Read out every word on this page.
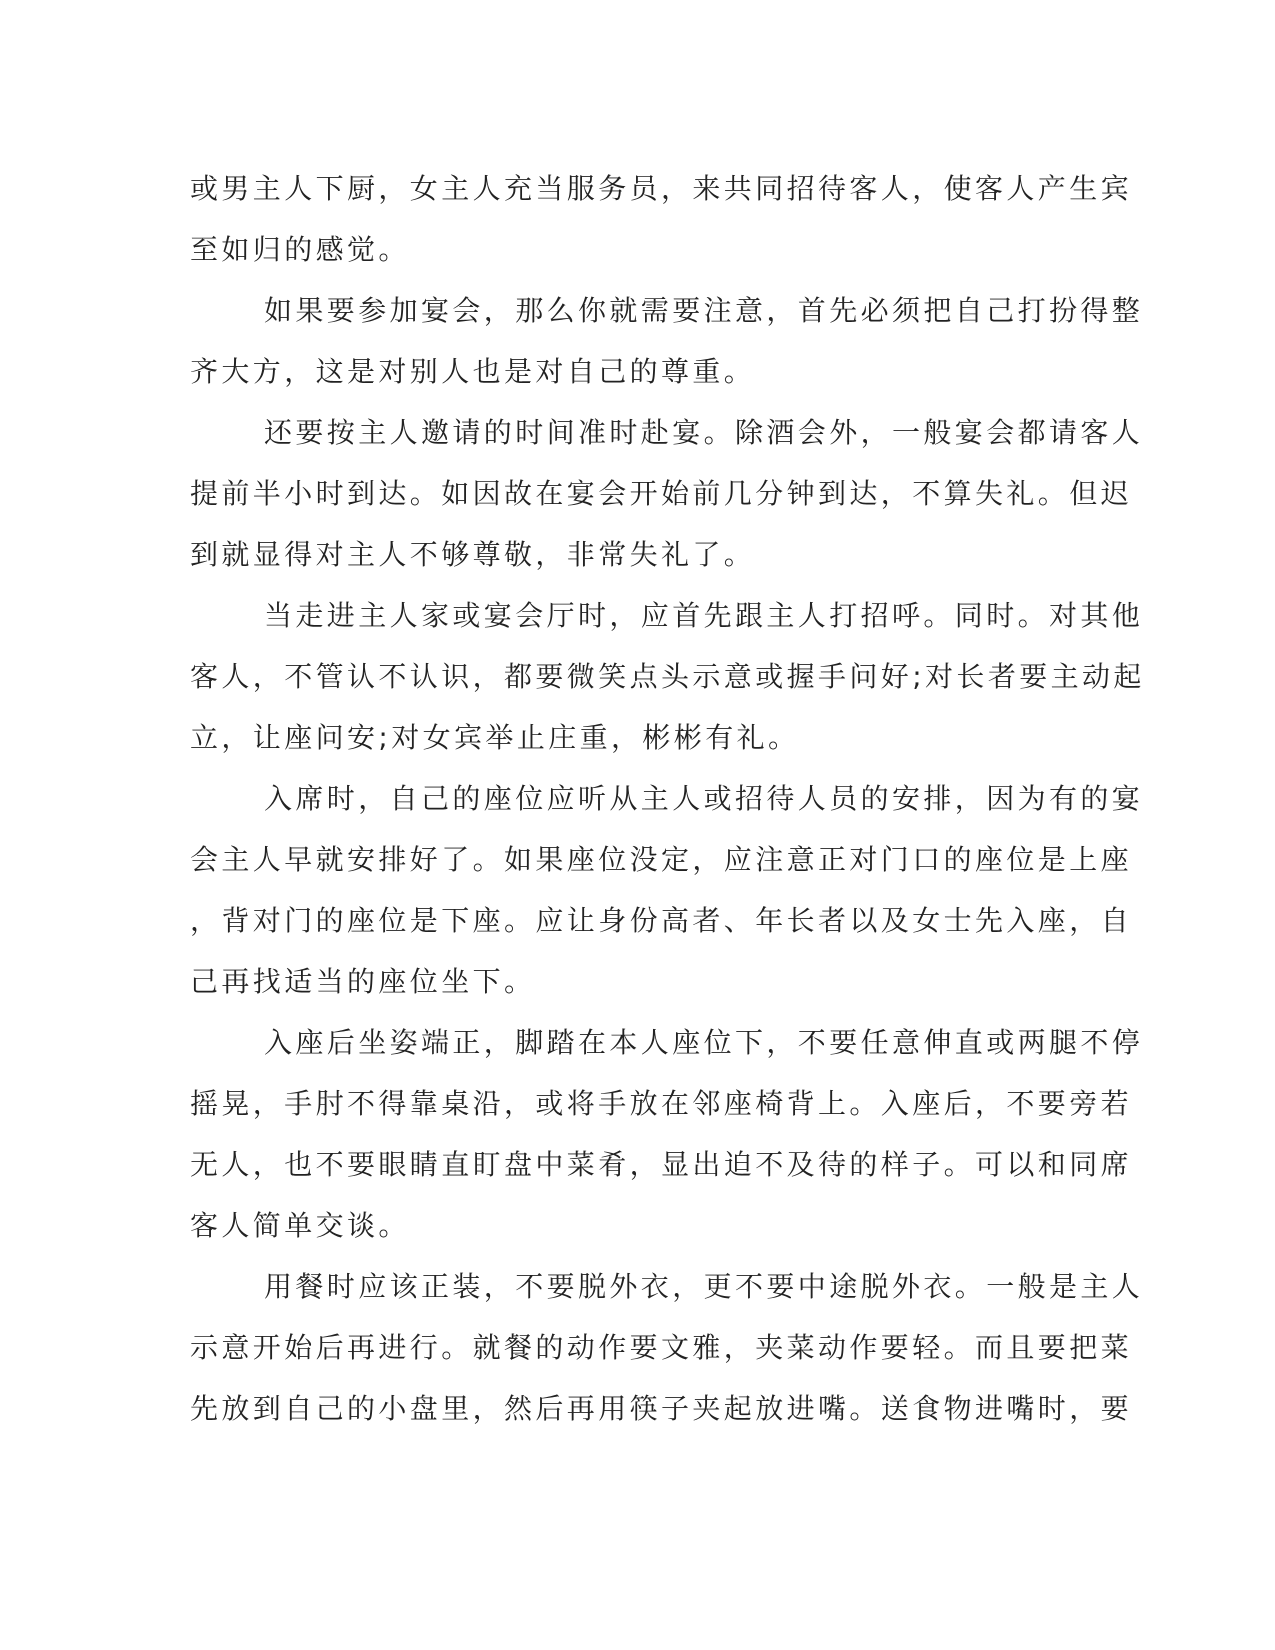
或男主人下厨，女主人充当服务员，来共同招待客人，使客人产生宾
至如归的感觉。

如果要参加宴会，那么你就需要注意，首先必须把自己打扮得整
齐大方，这是对别人也是对自己的尊重。

还要按主人邀请的时间准时赴宴。除酒会外，一般宴会都请客人
提前半小时到达。如因故在宴会开始前几分钟到达，不算失礼。但迟
到就显得对主人不够尊敬，非常失礼了。

当走进主人家或宴会厅时，应首先跟主人打招呼。同时。对其他
客人，不管认不认识，都要微笑点头示意或握手问好;对长者要主动起
立，让座问安;对女宾举止庄重，彬彬有礼。

入席时，自己的座位应听从主人或招待人员的安排，因为有的宴
会主人早就安排好了。如果座位没定，应注意正对门口的座位是上座
，背对门的座位是下座。应让身份高者、年长者以及女士先入座，自
己再找适当的座位坐下。

入座后坐姿端正，脚踏在本人座位下，不要任意伸直或两腿不停
摇晃，手肘不得靠桌沿，或将手放在邻座椅背上。入座后，不要旁若
无人，也不要眼睛直盯盘中菜肴，显出迫不及待的样子。可以和同席
客人简单交谈。

用餐时应该正装，不要脱外衣，更不要中途脱外衣。一般是主人
示意开始后再进行。就餐的动作要文雅，夹菜动作要轻。而且要把菜
先放到自己的小盘里，然后再用筷子夹起放进嘴。送食物进嘴时，要
